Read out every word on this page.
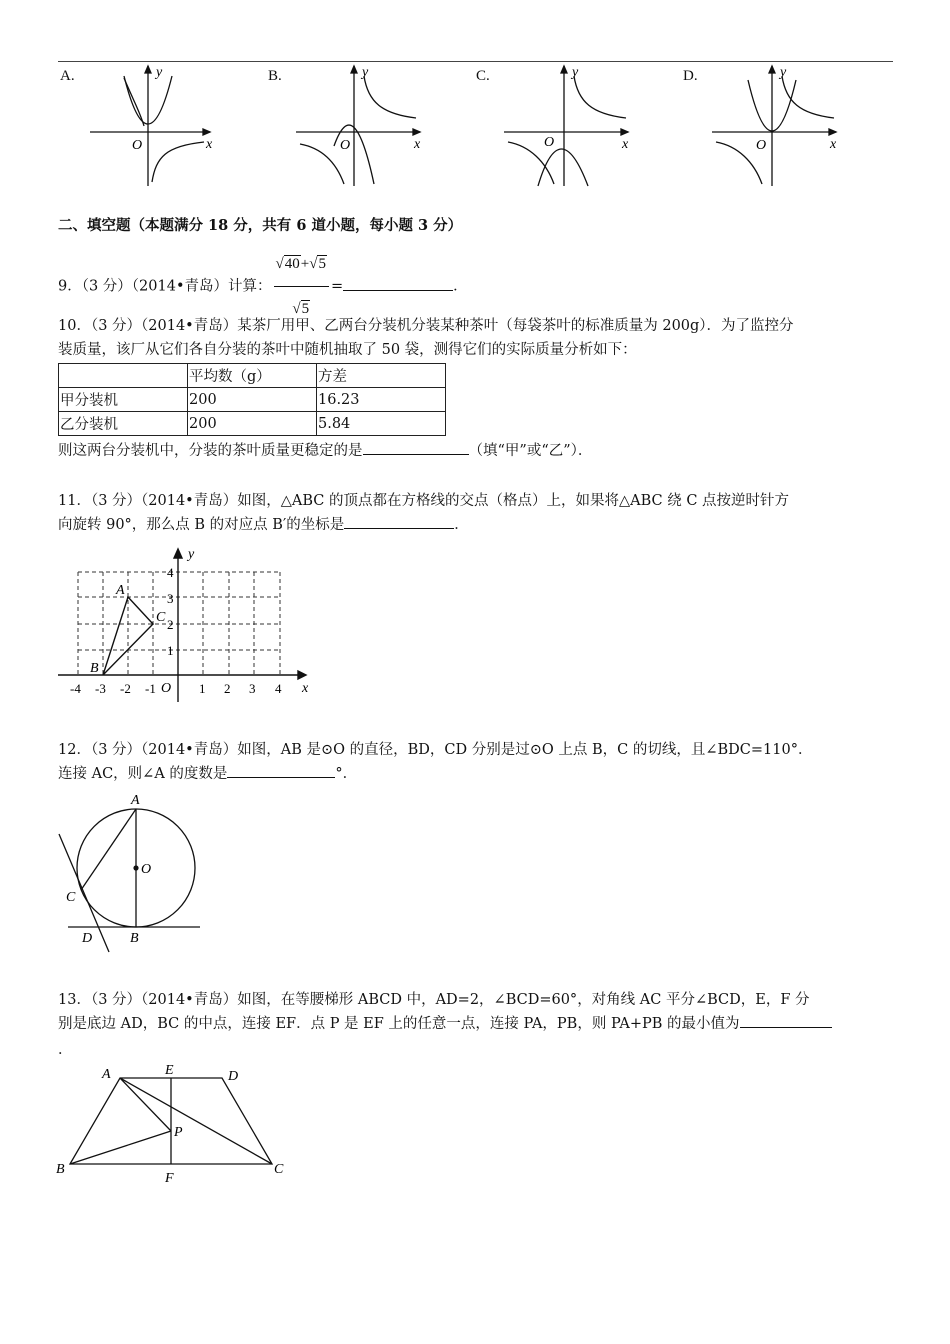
A.	B.	C.	D.
y
x
O
y
x
O
y
x
O
y
x
O
二、填空题（本题满分 18 分，共有 6 道小题，每小题 3 分）
9．（3 分）（2014•青岛）计算： $\frac{√40+√5}{√5}$ =	．
10．（3 分）（2014•青岛）某茶厂用甲、乙两台分装机分装某种茶叶（每袋茶叶的标准质量为 200g）．为了监控分
装质量，该厂从它们各自分装的茶叶中随机抽取了 50 袋，测得它们的实际质量分析如下：
	平均数（g）	方差
甲分装机	200	16.23
乙分装机	200	5.84
则这两台分装机中，分装的茶叶质量更稳定的是	（填“甲”或“乙”）．
11．（3 分）（2014•青岛）如图，△ABC 的顶点都在方格线的交点（格点）上，如果将△ABC 绕 C 点按逆时针方
向旋转 90°，那么点 B 的对应点 B′的坐标是	．
y
x
O
-4 -3 -2 -1	1 2 3 4
1
2
3
4
A
B
C
12．（3 分）（2014•青岛）如图，AB 是⊙O 的直径，BD，CD 分别是过⊙O 上点 B，C 的切线，且∠BDC=110°．
连接 AC，则∠A 的度数是	°．
A
O
C
D	B
13．（3 分）（2014•青岛）如图，在等腰梯形 ABCD 中，AD=2，∠BCD=60°，对角线 AC 平分∠BCD，E，F 分
别是底边 AD，BC 的中点，连接 EF．点 P 是 EF 上的任意一点，连接 PA，PB，则 PA+PB 的最小值为
．
A	E	D
P
B
F
C
